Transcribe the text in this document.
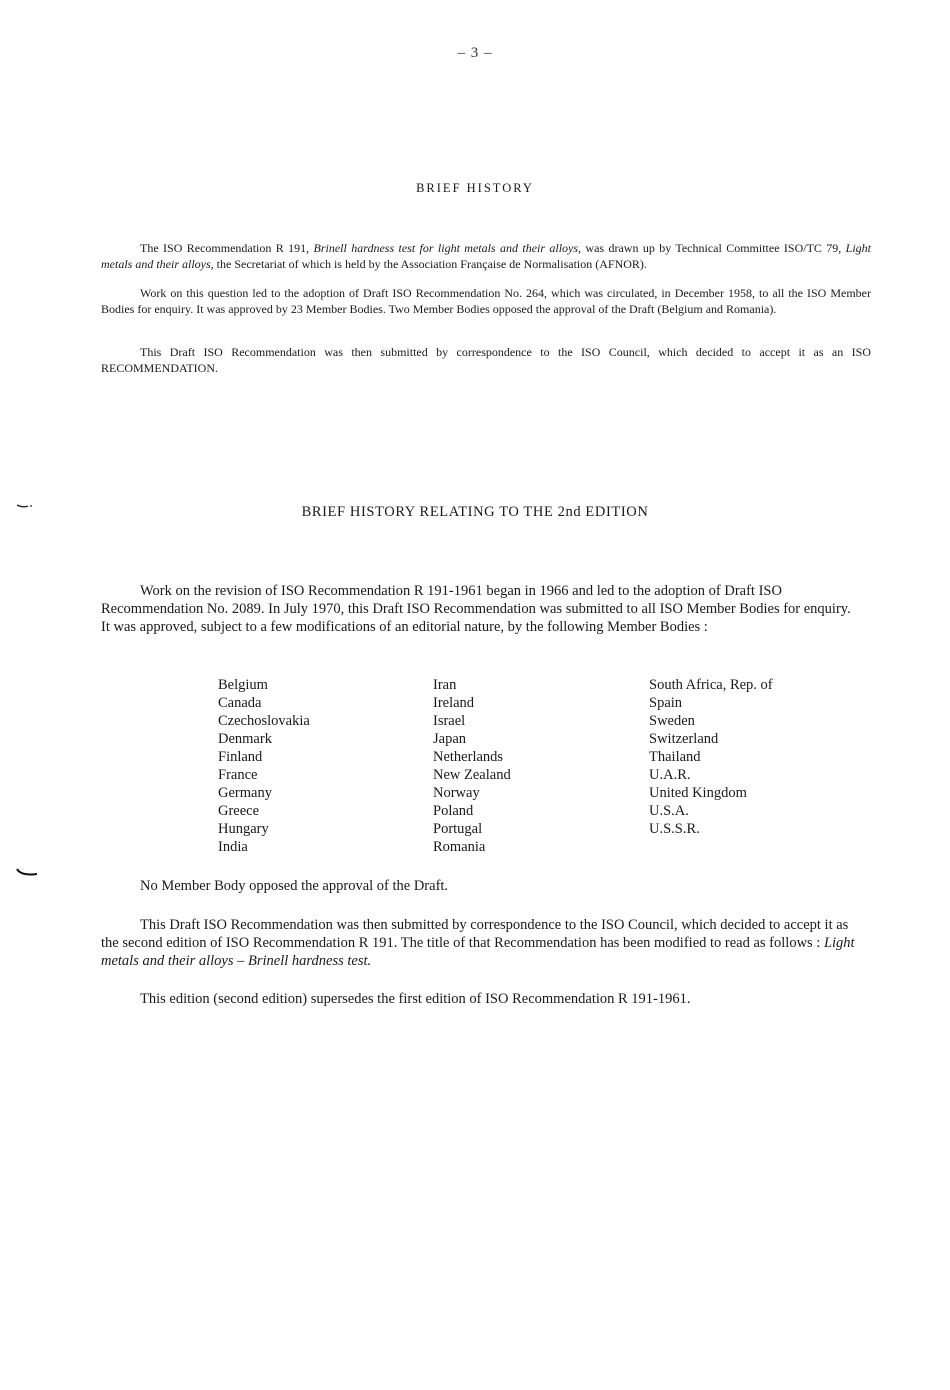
– 3 –
BRIEF HISTORY
The ISO Recommendation R 191, Brinell hardness test for light metals and their alloys, was drawn up by Technical Committee ISO/TC 79, Light metals and their alloys, the Secretariat of which is held by the Association Française de Normalisation (AFNOR).
Work on this question led to the adoption of Draft ISO Recommendation No. 264, which was circulated, in December 1958, to all the ISO Member Bodies for enquiry. It was approved by 23 Member Bodies. Two Member Bodies opposed the approval of the Draft (Belgium and Romania).
This Draft ISO Recommendation was then submitted by correspondence to the ISO Council, which decided to accept it as an ISO RECOMMENDATION.
BRIEF HISTORY RELATING TO THE 2nd EDITION
Work on the revision of ISO Recommendation R 191-1961 began in 1966 and led to the adoption of Draft ISO Recommendation No. 2089. In July 1970, this Draft ISO Recommendation was submitted to all ISO Member Bodies for enquiry. It was approved, subject to a few modifications of an editorial nature, by the following Member Bodies :
Belgium
Canada
Czechoslovakia
Denmark
Finland
France
Germany
Greece
Hungary
India
Iran
Ireland
Israel
Japan
Netherlands
New Zealand
Norway
Poland
Portugal
Romania
South Africa, Rep. of
Spain
Sweden
Switzerland
Thailand
U.A.R.
United Kingdom
U.S.A.
U.S.S.R.
No Member Body opposed the approval of the Draft.
This Draft ISO Recommendation was then submitted by correspondence to the ISO Council, which decided to accept it as the second edition of ISO Recommendation R 191. The title of that Recommendation has been modified to read as follows : Light metals and their alloys – Brinell hardness test.
This edition (second edition) supersedes the first edition of ISO Recommendation R 191-1961.
